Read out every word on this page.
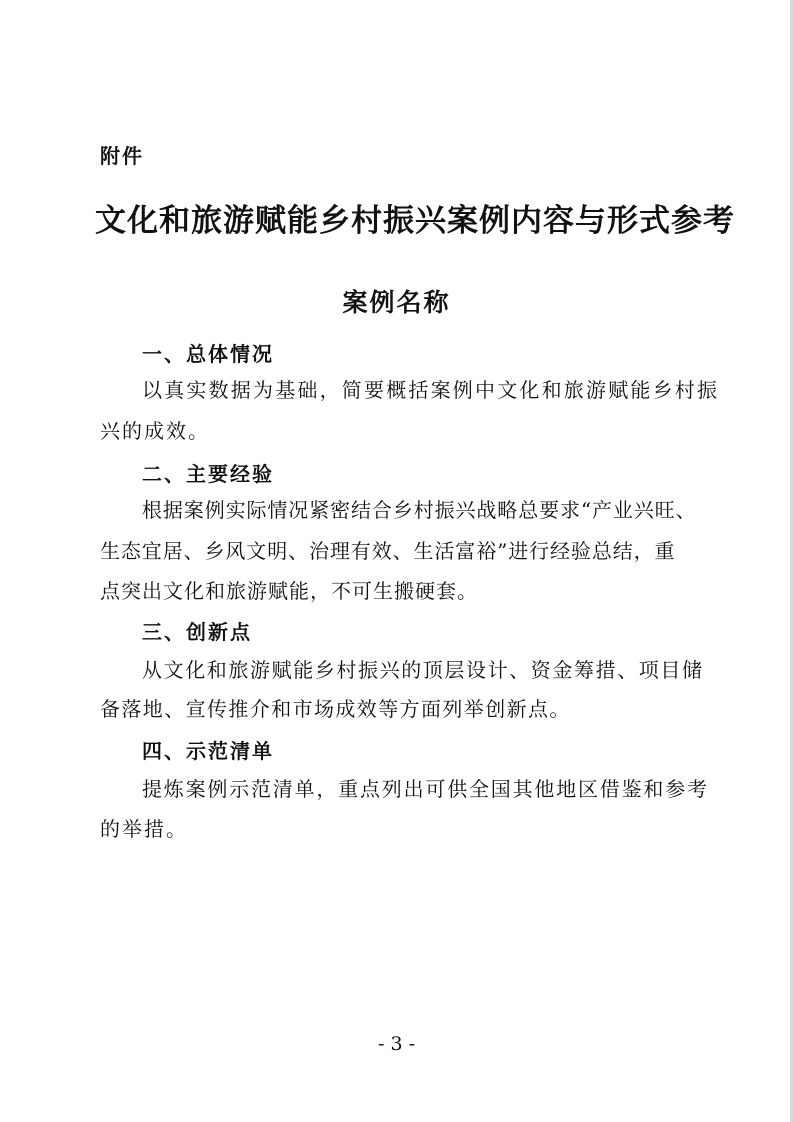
附件
文化和旅游赋能乡村振兴案例内容与形式参考
案例名称
一、总体情况
以真实数据为基础，简要概括案例中文化和旅游赋能乡村振
兴的成效。
二、主要经验
根据案例实际情况紧密结合乡村振兴战略总要求“产业兴旺、
生态宜居、乡风文明、治理有效、生活富裕”进行经验总结，重
点突出文化和旅游赋能，不可生搬硬套。
三、创新点
从文化和旅游赋能乡村振兴的顶层设计、资金筹措、项目储
备落地、宣传推介和市场成效等方面列举创新点。
四、示范清单
提炼案例示范清单，重点列出可供全国其他地区借鉴和参考
的举措。
- 3 -
